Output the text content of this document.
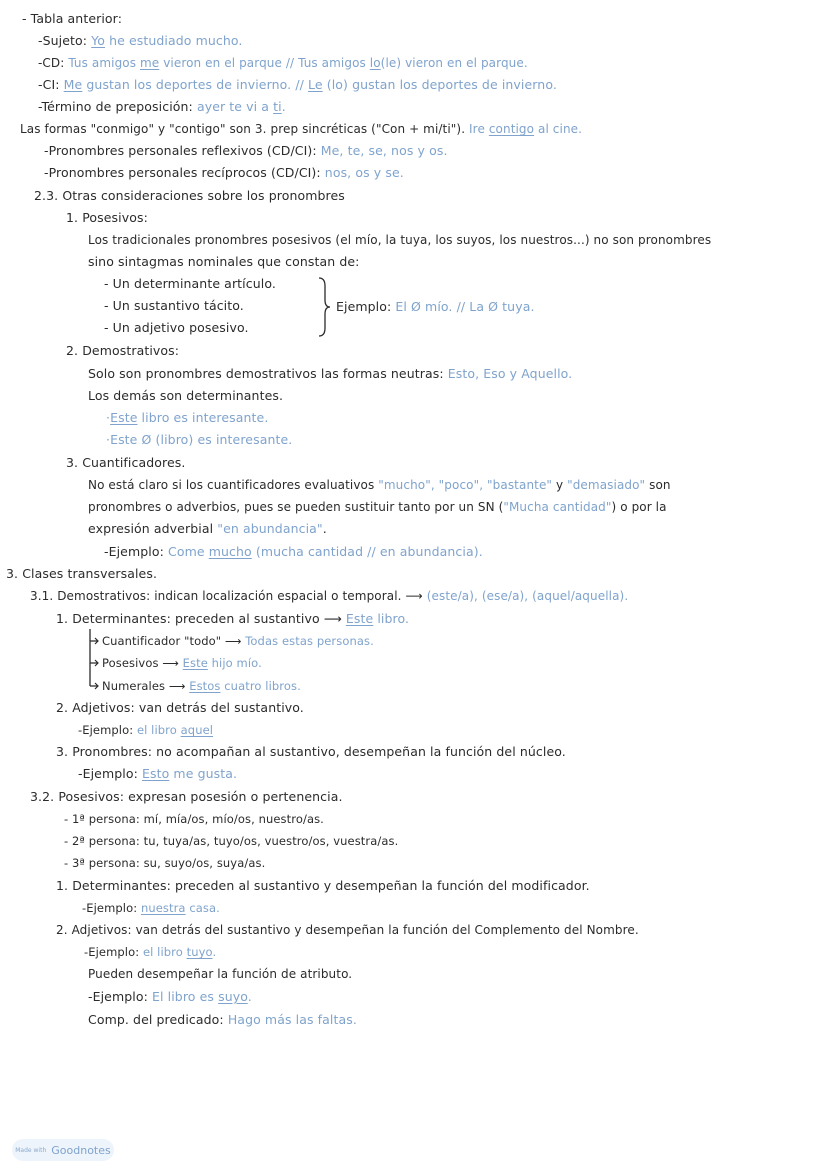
- Tabla anterior:
-Sujeto: Yo he estudiado mucho.
-CD: Tus amigos me vieron en el parque // Tus amigos lo(le) vieron en el parque.
-CI: Me gustan los deportes de invierno. // Le (lo) gustan los deportes de invierno.
-Término de preposición: ayer te vi a ti.
Las formas "conmigo" y "contigo" son 3. prep sincréticas ("Con + mi/ti"). Ire contigo al cine.
-Pronombres personales reflexivos (CD/CI): Me, te, se, nos y os.
-Pronombres personales recíprocos (CD/CI): nos, os y se.
2.3. Otras consideraciones sobre los pronombres
1. Posesivos:
Los tradicionales pronombres posesivos (el mío, la tuya, los suyos, los nuestros...) no son pronombres
sino sintagmas nominales que constan de:
- Un determinante artículo.
- Un sustantivo tácito.
- Un adjetivo posesivo.
Ejemplo: El Ø mío. // La Ø tuya.
2. Demostrativos:
Solo son pronombres demostrativos las formas neutras: Esto, Eso y Aquello.
Los demás son determinantes.
·Este libro es interesante.
·Este Ø (libro) es interesante.
3. Cuantificadores.
No está claro si los cuantificadores evaluativos "mucho", "poco", "bastante" y "demasiado" son
pronombres o adverbios, pues se pueden sustituir tanto por un SN ("Mucha cantidad") o por la
expresión adverbial "en abundancia".
-Ejemplo: Come mucho (mucha cantidad // en abundancia).
3. Clases transversales.
3.1. Demostrativos: indican localización espacial o temporal. ⟶ (este/a), (ese/a), (aquel/aquella).
1. Determinantes: preceden al sustantivo ⟶ Este libro.
Cuantificador "todo" ⟶ Todas estas personas.
Posesivos ⟶ Este hijo mío.
Numerales ⟶ Estos cuatro libros.
2. Adjetivos: van detrás del sustantivo.
-Ejemplo: el libro aquel
3. Pronombres: no acompañan al sustantivo, desempeñan la función del núcleo.
-Ejemplo: Esto me gusta.
3.2. Posesivos: expresan posesión o pertenencia.
- 1ª persona: mí, mía/os, mío/os, nuestro/as.
- 2ª persona: tu, tuya/as, tuyo/os, vuestro/os, vuestra/as.
- 3ª persona: su, suyo/os, suya/as.
1. Determinantes: preceden al sustantivo y desempeñan la función del modificador.
-Ejemplo: nuestra casa.
2. Adjetivos: van detrás del sustantivo y desempeñan la función del Complemento del Nombre.
-Ejemplo: el libro tuyo.
Pueden desempeñar la función de atributo.
-Ejemplo: El libro es suyo.
Comp. del predicado: Hago más las faltas.
Made with Goodnotes
